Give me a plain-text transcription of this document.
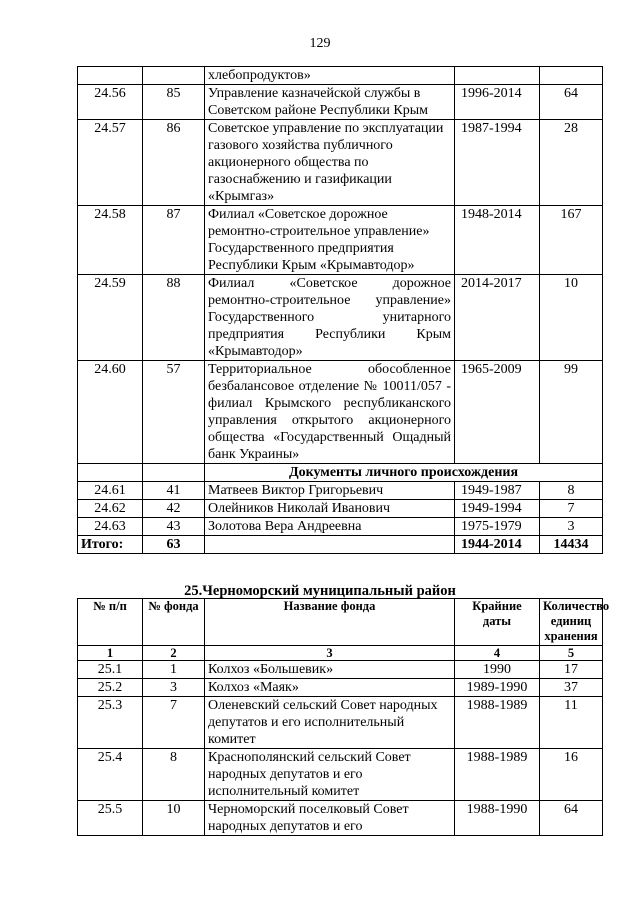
129
		хлебопродуктов»		
24.56	85	Управление казначейской службы в Советском районе Республики Крым	1996-2014	64
24.57	86	Советское управление по эксплуатации газового хозяйства публичного акционерного общества по газоснабжению и газификации «Крымгаз»	1987-1994	28
24.58	87	Филиал «Советское дорожное ремонтно-строительное управление» Государственного предприятия Республики Крым «Крымавтодор»	1948-2014	167
24.59	88	Филиал «Советское дорожное ремонтно-строительное управление» Государственного унитарного предприятия Республики Крым «Крымавтодор»	2014-2017	10
24.60	57	Территориальное обособленное безбалансовое отделение № 10011/057 - филиал Крымского республиканского управления открытого акционерного общества «Государственный Ощадный банк Украины»	1965-2009	99
		Документы личного происхождения		
24.61	41	Матвеев Виктор Григорьевич	1949-1987	8
24.62	42	Олейников Николай Иванович	1949-1994	7
24.63	43	Золотова Вера Андреевна	1975-1979	3
Итого:	63		1944-2014	14434
25.Черноморский муниципальный район
№ п/п	№ фонда	Название фонда	Крайние даты	Количество единиц хранения
1	2	3	4	5
25.1	1	Колхоз «Большевик»	1990	17
25.2	3	Колхоз «Маяк»	1989-1990	37
25.3	7	Оленевский сельский Совет народных депутатов и его исполнительный комитет	1988-1989	11
25.4	8	Краснополянский сельский Совет народных депутатов и его исполнительный комитет	1988-1989	16
25.5	10	Черноморский поселковый Совет народных депутатов и его	1988-1990	64
